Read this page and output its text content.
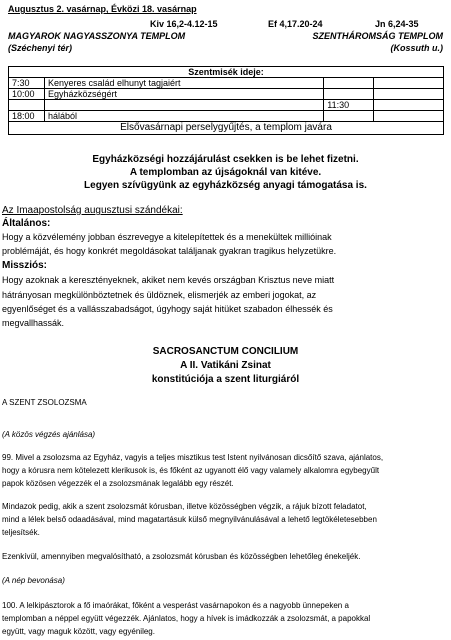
Augusztus 2. vasárnap, Évközi 18. vasárnap
Kiv 16,2-4.12-15	Ef 4,17.20-24	Jn 6,24-35
MAGYAROK NAGYASSZONYA TEMPLOM
(Széchenyi tér)
SZENTHÁROMSÁG TEMPLOM
(Kossuth u.)
Szentmisék ideje:			
7:30	Kenyeres család elhunyt tagjaiért		
10:00	Egyházközségért		
		11:30	
18:00	hálából		
Elsővasárnapi perselygyűjtés, a templom javára			
Egyházközségi hozzájárulást csekken is be lehet fizetni.
A templomban az újságoknál van kitéve.
Legyen szívügyünk az egyházközség anyagi támogatása is.
Az Imaapostolság augusztusi szándékai:
Általános:
Hogy a közvélemény jobban észrevegye a kitelepítettek és a menekültek millióinak
problémáját, és hogy konkrét megoldásokat találjanak gyakran tragikus helyzetükre.
Missziós:
Hogy azoknak a keresztényeknek, akiket nem kevés országban Krisztus neve miatt
hátrányosan megkülönböztetnek és üldöznek, elismerjék az emberi jogokat, az
egyenlőséget és a vallásszabadságot, úgyhogy saját hitüket szabadon élhessék és
megvallhassák.
SACROSANCTUM CONCILIUM
A II. Vatikáni Zsinat
konstitúciója a szent liturgiáról
A SZENT ZSOLOZSMA
(A közös végzés ajánlása)
99. Mivel a zsolozsma az Egyház, vagyis a teljes misztikus test Istent nyilvánosan dicsőítő szava, ajánlatos,
hogy a kórusra nem kötelezett klerikusok is, és főként az ugyanott élő vagy valamely alkalomra egybegyűlt
papok közösen végezzék el a zsolozsmának legalább egy részét.
Mindazok pedig, akik a szent zsolozsmát kórusban, illetve közösségben végzik, a rájuk bízott feladatot,
mind a lélek belső odaadásával, mind magatartásuk külső megnyilvánulásával a lehető legtökéletesebben
teljesítsék.
Ezenkívül, amennyiben megvalósítható, a zsolozsmát kórusban és közösségben lehetőleg énekeljék.
(A nép bevonása)
100. A lelkipásztorok a fő imaórákat, főként a vesperást vasárnapokon és a nagyobb ünnepeken a
templomban a néppel együtt végezzék. Ajánlatos, hogy a hívek is imádkozzák a zsolozsmát, a papokkal
együtt, vagy maguk között, vagy egyénileg.
